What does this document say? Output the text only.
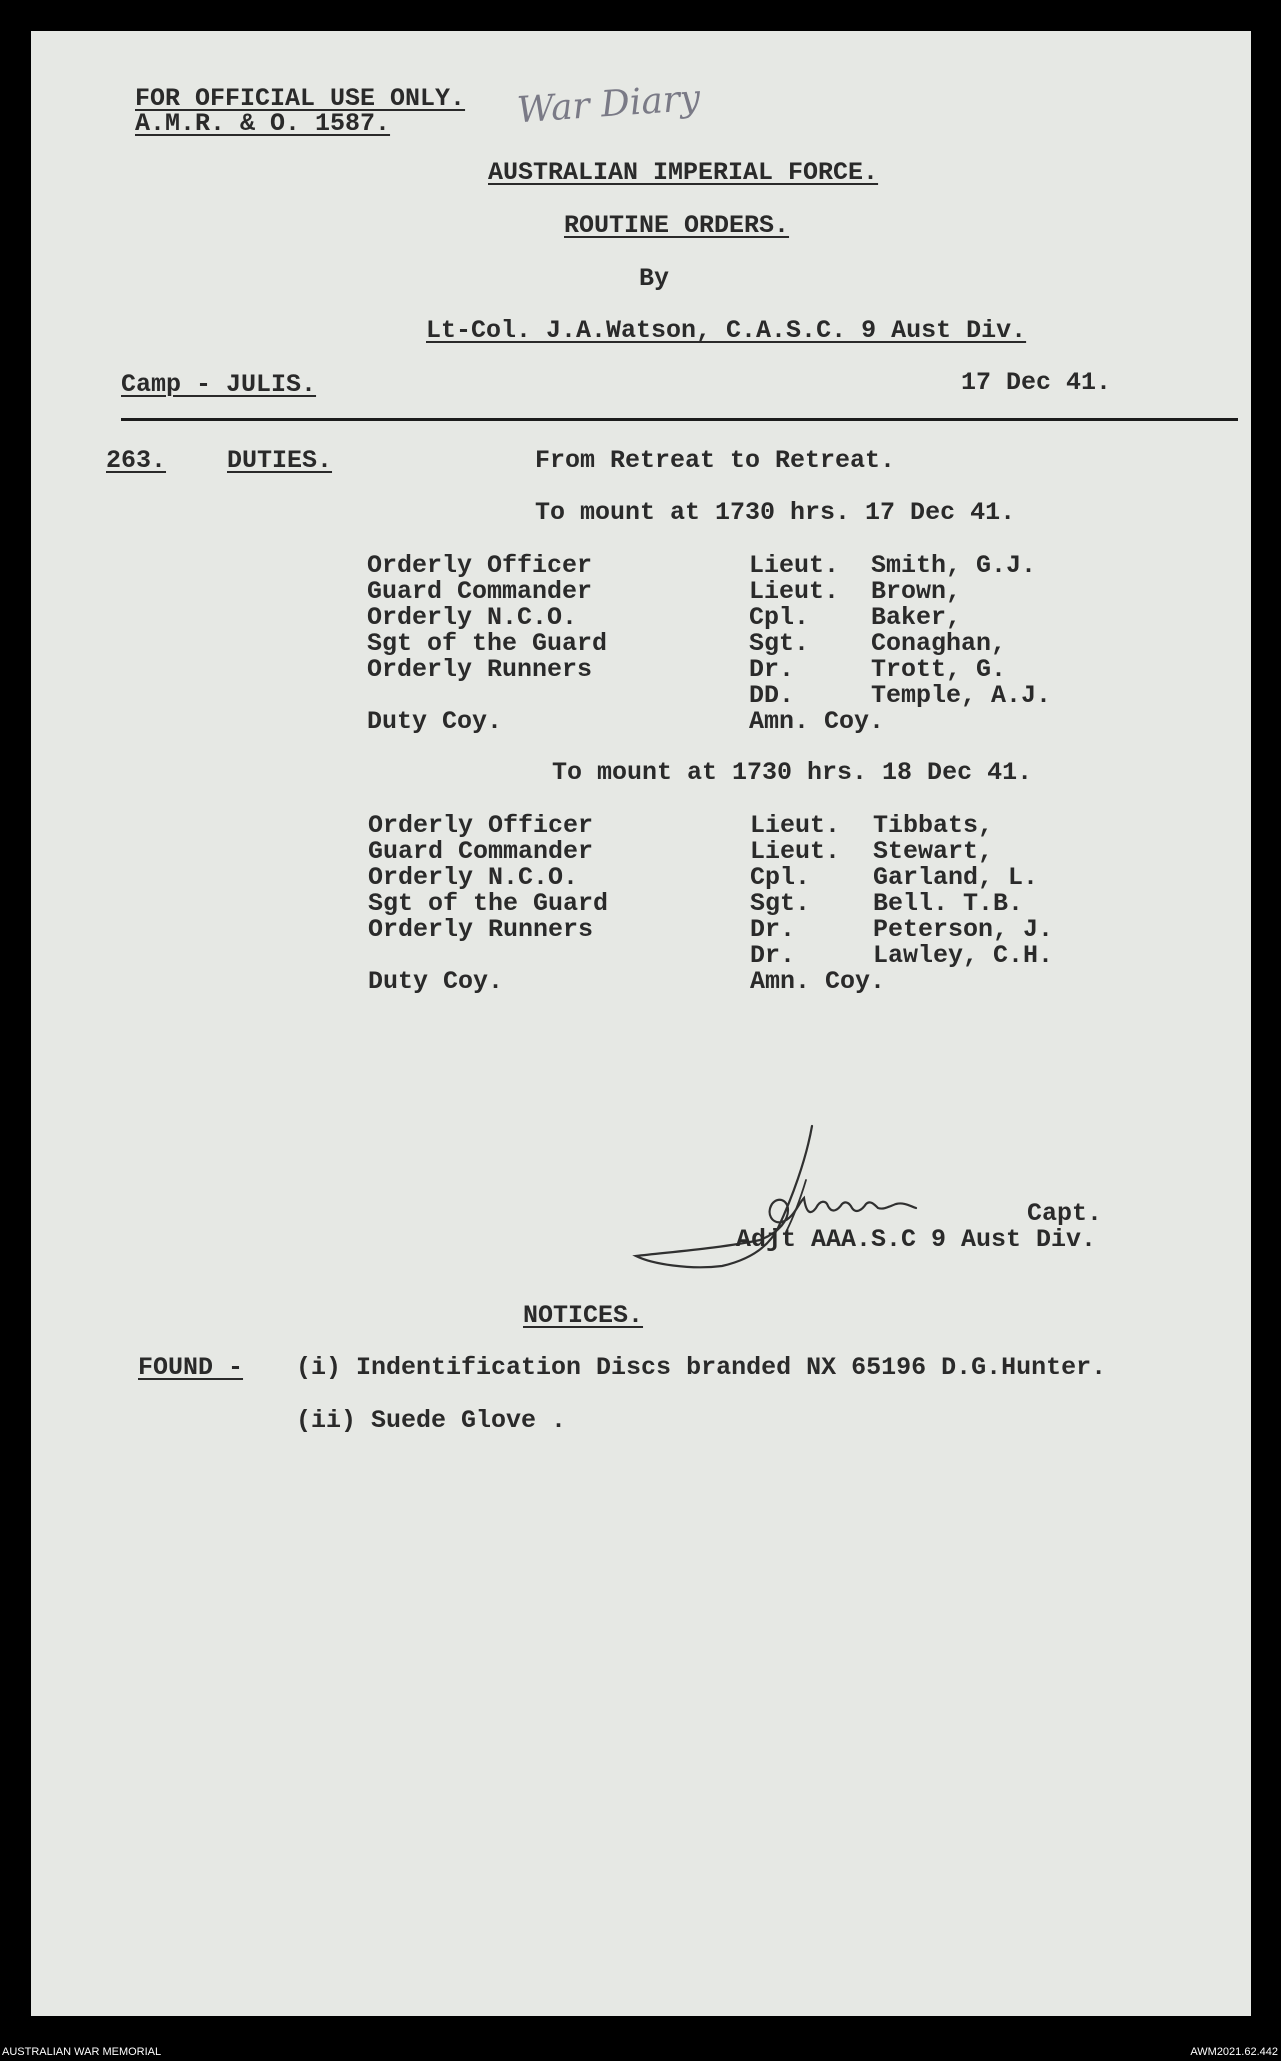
FOR OFFICIAL USE ONLY.
A.M.R. & O. 1587.	War Diary
AUSTRALIAN IMPERIAL FORCE.
ROUTINE ORDERS.
By
Lt-Col. J.A.Watson, C.A.S.C. 9 Aust Div.
Camp - JULIS.	17 Dec 41.
263. DUTIES.	From Retreat to Retreat.
To mount at 1730 hrs. 17 Dec 41.
Orderly Officer	Lieut. Smith, G.J.
Guard Commander	Lieut. Brown,
Orderly N.C.O.	Cpl. Baker,
Sgt of the Guard	Sgt. Conaghan,
Orderly Runners	Dr.	Trott, G.
DD.	Temple, A.J.
Duty Coy.	Amn. Coy.
To mount at 1730 hrs. 18 Dec 41.
Orderly Officer	Lieut. Tibbats,
Guard Commander	Lieut. Stewart,
Orderly N.C.O.	Cpl.	Garland, L.
Sgt of the Guard	Sgt.	Bell. T.B.
Orderly Runners	Dr.	Peterson, J.
Dr.	Lawley, C.H.
Duty Coy.	Amn. Coy.
Capt.
Adjt AAA.S.C 9 Aust Div.
NOTICES.
FOUND - (i) Indentification Discs branded NX 65196 D.G.Hunter.
(ii) Suede Glove .
AUSTRALIAN WAR MEMORIAL	AWM2021.62.442
